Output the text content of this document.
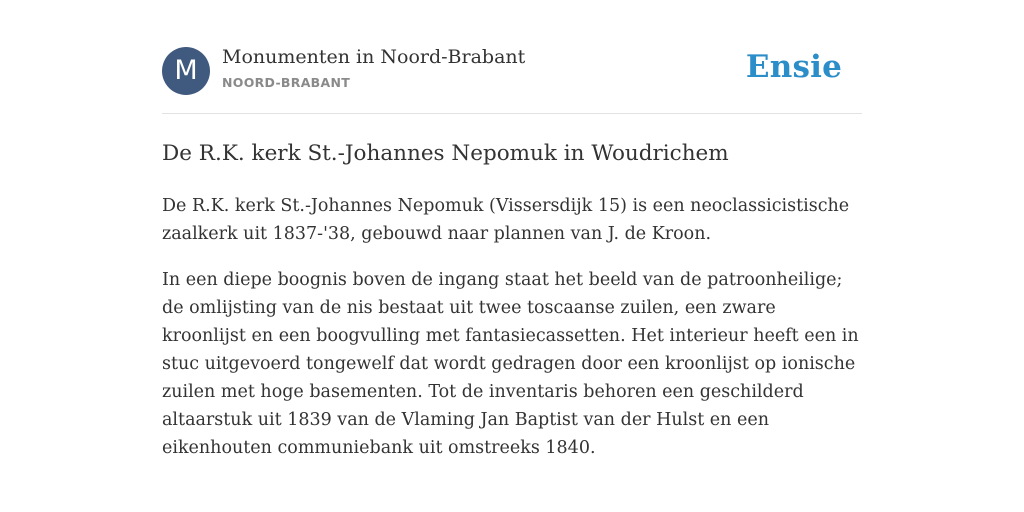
M	Monumenten in Noord-Brabant
NOORD-BRABANT	Ensie
De R.K. kerk St.-Johannes Nepomuk in Woudrichem

De R.K. kerk St.-Johannes Nepomuk (Vissersdijk 15) is een neoclassicistische zaalkerk uit 1837-'38, gebouwd naar plannen van J. de Kroon.

In een diepe boognis boven de ingang staat het beeld van de patroonheilige; de omlijsting van de nis bestaat uit twee toscaanse zuilen, een zware kroonlijst en een boogvulling met fantasiecassetten. Het interieur heeft een in stuc uitgevoerd tongewelf dat wordt gedragen door een kroonlijst op ionische zuilen met hoge basementen. Tot de inventaris behoren een geschilderd altaarstuk uit 1839 van de Vlaming Jan Baptist van der Hulst en een eikenhouten communiebank uit omstreeks 1840.
